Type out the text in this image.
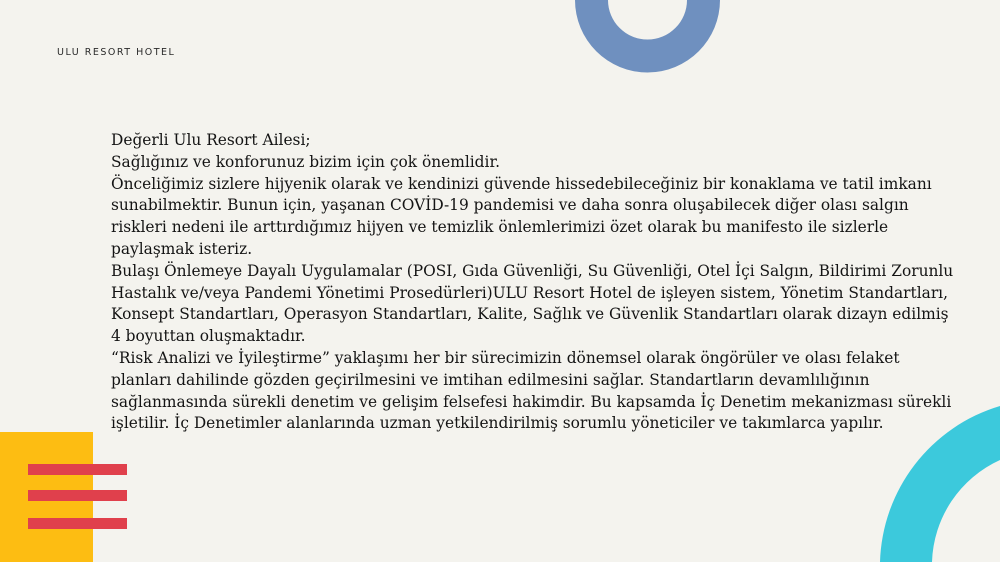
ULU RESORT HOTEL

Değerli Ulu Resort Ailesi;

Sağlığınız ve konforunuz bizim için çok önemlidir.

Önceliğimiz sizlere hijyenik olarak ve kendinizi güvende hissedebileceğiniz bir konaklama ve tatil imkanı

sunabilmektir. Bunun için, yaşanan COVİD-19 pandemisi ve daha sonra oluşabilecek diğer olası salgın

riskleri nedeni ile arttırdığımız hijyen ve temizlik önlemlerimizi özet olarak bu manifesto ile sizlerle

paylaşmak isteriz.

Bulaşı Önlemeye Dayalı Uygulamalar (POSI, Gıda Güvenliği, Su Güvenliği, Otel İçi Salgın, Bildirimi Zorunlu

Hastalık ve/veya Pandemi Yönetimi Prosedürleri)ULU Resort Hotel de işleyen sistem, Yönetim Standartları,

Konsept Standartları, Operasyon Standartları, Kalite, Sağlık ve Güvenlik Standartları olarak dizayn edilmiş

4 boyuttan oluşmaktadır.

“Risk Analizi ve İyileştirme” yaklaşımı her bir sürecimizin dönemsel olarak öngörüler ve olası felaket

planları dahilinde gözden geçirilmesini ve imtihan edilmesini sağlar. Standartların devamlılığının

sağlanmasında sürekli denetim ve gelişim felsefesi hakimdir. Bu kapsamda İç Denetim mekanizması sürekli

işletilir. İç Denetimler alanlarında uzman yetkilendirilmiş sorumlu yöneticiler ve takımlarca yapılır.
